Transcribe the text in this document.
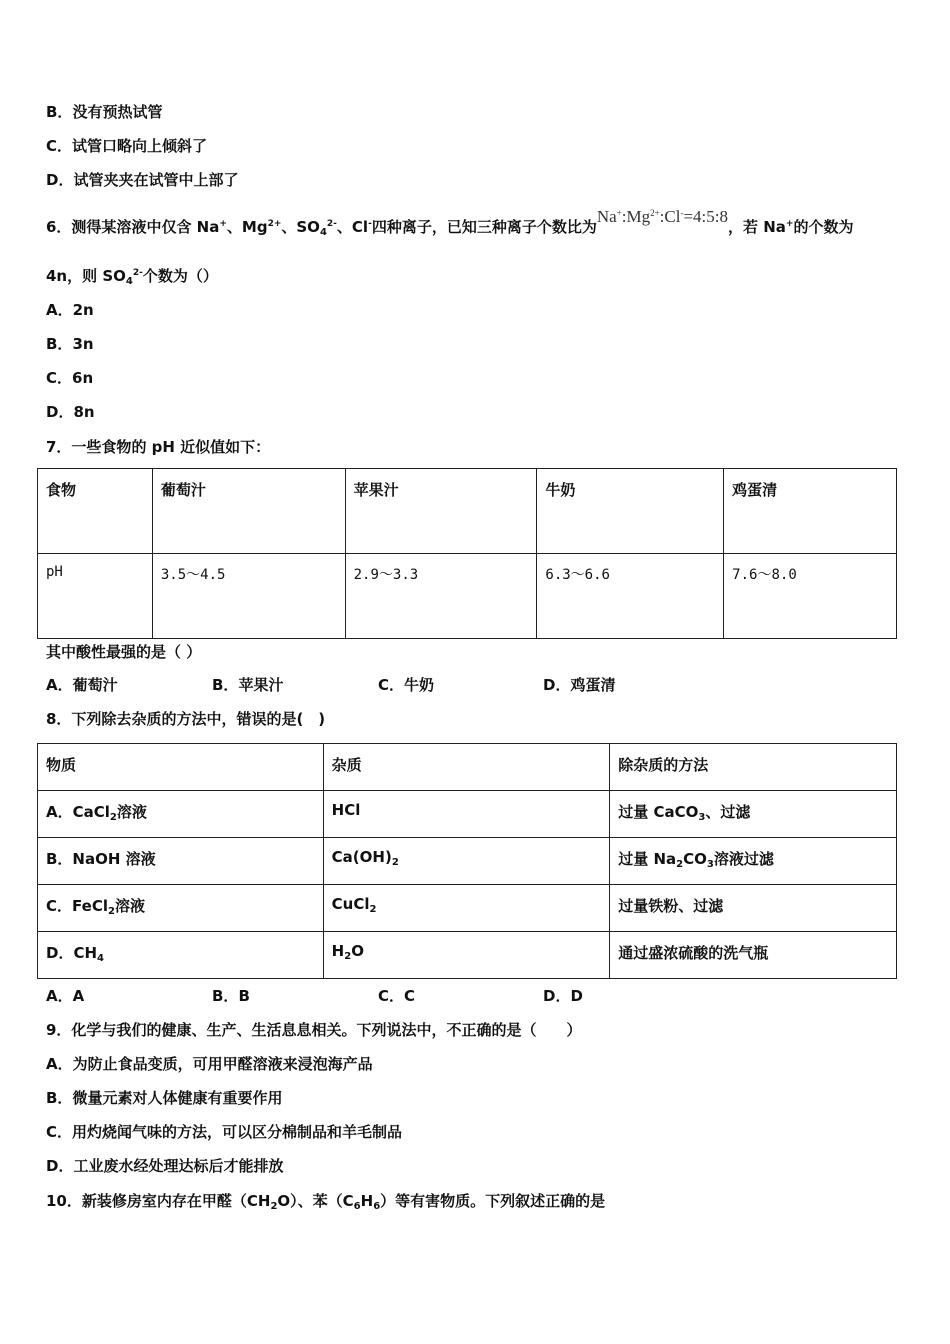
B．没有预热试管
C．试管口略向上倾斜了
D．试管夹夹在试管中上部了
6．测得某溶液中仅含 Na+、$Mg^{2+}$、$SO_4^{2-}$、Cl-四种离子，已知三种离子个数比为$Na^+:Mg^{2+}:Cl^-=4:5:8$，若 Na+的个数为
4n，则 $SO_4^{2-}$个数为（）
A．2n
B．3n
C．6n
D．8n
7．一些食物的 pH 近似值如下：
食物	葡萄汁	苹果汁	牛奶	鸡蛋清
pH	3.5～4.5	2.9～3.3	6.3～6.6	7.6～8.0
其中酸性最强的是（ ）
A．葡萄汁	B．苹果汁	C．牛奶	D．鸡蛋清
8．下列除去杂质的方法中，错误的是(　)
物质	杂质	除杂质的方法
A．CaCl$_2$溶液	HCl	过量 CaCO$_3$、过滤
B．NaOH 溶液	$Ca(OH)_2$	过量 $Na_2CO_3$溶液过滤
C．FeCl$_2$溶液	CuCl$_2$	过量铁粉、过滤
D．$CH_4$	$H_2O$	通过盛浓硫酸的洗气瓶
A．A	B．B	C．C	D．D
9．化学与我们的健康、生产、生活息息相关。下列说法中，不正确的是（　　）
A．为防止食品变质，可用甲醛溶液来浸泡海产品
B．微量元素对人体健康有重要作用
C．用灼烧闻气味的方法，可以区分棉制品和羊毛制品
D．工业废水经处理达标后才能排放
10．新装修房室内存在甲醛$(CH_2O)$、苯$(C_6H_6)$等有害物质。下列叙述正确的是
